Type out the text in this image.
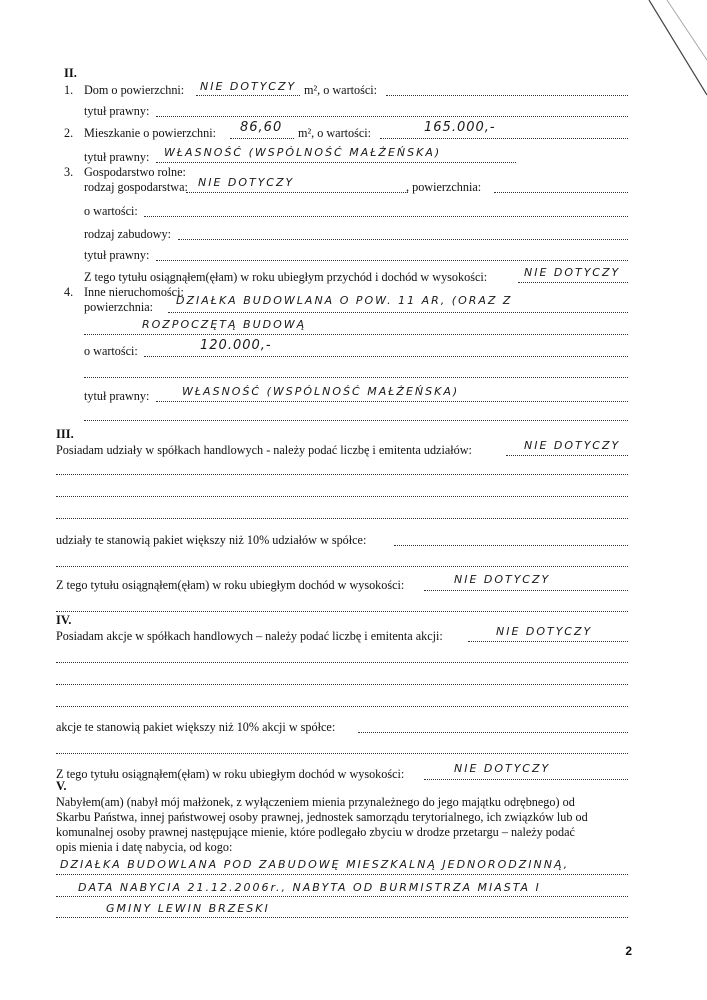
II.
1. Dom o powierzchni: NIE DOTYCZY m², o wartości:
tytuł prawny:
2. Mieszkanie o powierzchni: 86,60 m², o wartości:	165.000,-
tytuł prawny: WŁASNOŚĆ (WSPÓLNOŚĆ MAŁŻEŃSKA)
3. Gospodarstwo rolne:
rodzaj gospodarstwa: NIE DOTYCZY	, powierzchnia:
o wartości:
rodzaj zabudowy:
tytuł prawny:
Z tego tytułu osiągnąłem(ęłam) w roku ubiegłym przychód i dochód w wysokości:	NIE DOTYCZY
4. Inne nieruchomości:
powierzchnia: DZIAŁKA BUDOWLANA O POW. 11 AR, (ORAZ Z
ROZPOCZĘTĄ BUDOWĄ
o wartości:	120.000,-
tytuł prawny:	WŁASNOŚĆ (WSPÓLNOŚĆ MAŁŻEŃSKA)
III.
Posiadam udziały w spółkach handlowych - należy podać liczbę i emitenta udziałów:	NIE DOTYCZY
udziały te stanowią pakiet większy niż 10% udziałów w spółce:
Z tego tytułu osiągnąłem(ęłam) w roku ubiegłym dochód w wysokości:	NIE DOTYCZY
IV.
Posiadam akcje w spółkach handlowych – należy podać liczbę i emitenta akcji:	NIE DOTYCZY
akcje te stanowią pakiet większy niż 10% akcji w spółce:
Z tego tytułu osiągnąłem(ęłam) w roku ubiegłym dochód w wysokości:	NIE DOTYCZY
V.
Nabyłem(am) (nabył mój małżonek, z wyłączeniem mienia przynależnego do jego majątku odrębnego) od
Skarbu Państwa, innej państwowej osoby prawnej, jednostek samorządu terytorialnego, ich związków lub od
komunalnej osoby prawnej następujące mienie, które podlegało zbyciu w drodze przetargu – należy podać
opis mienia i datę nabycia, od kogo:
DZIAŁKA BUDOWLANA POD ZABUDOWĘ MIESZKALNĄ JEDNORODZINNĄ,
DATA NABYCIA 21.12.2006r., NABYTA OD BURMISTRZA MIASTA I
GMINY LEWIN BRZESKI
2
